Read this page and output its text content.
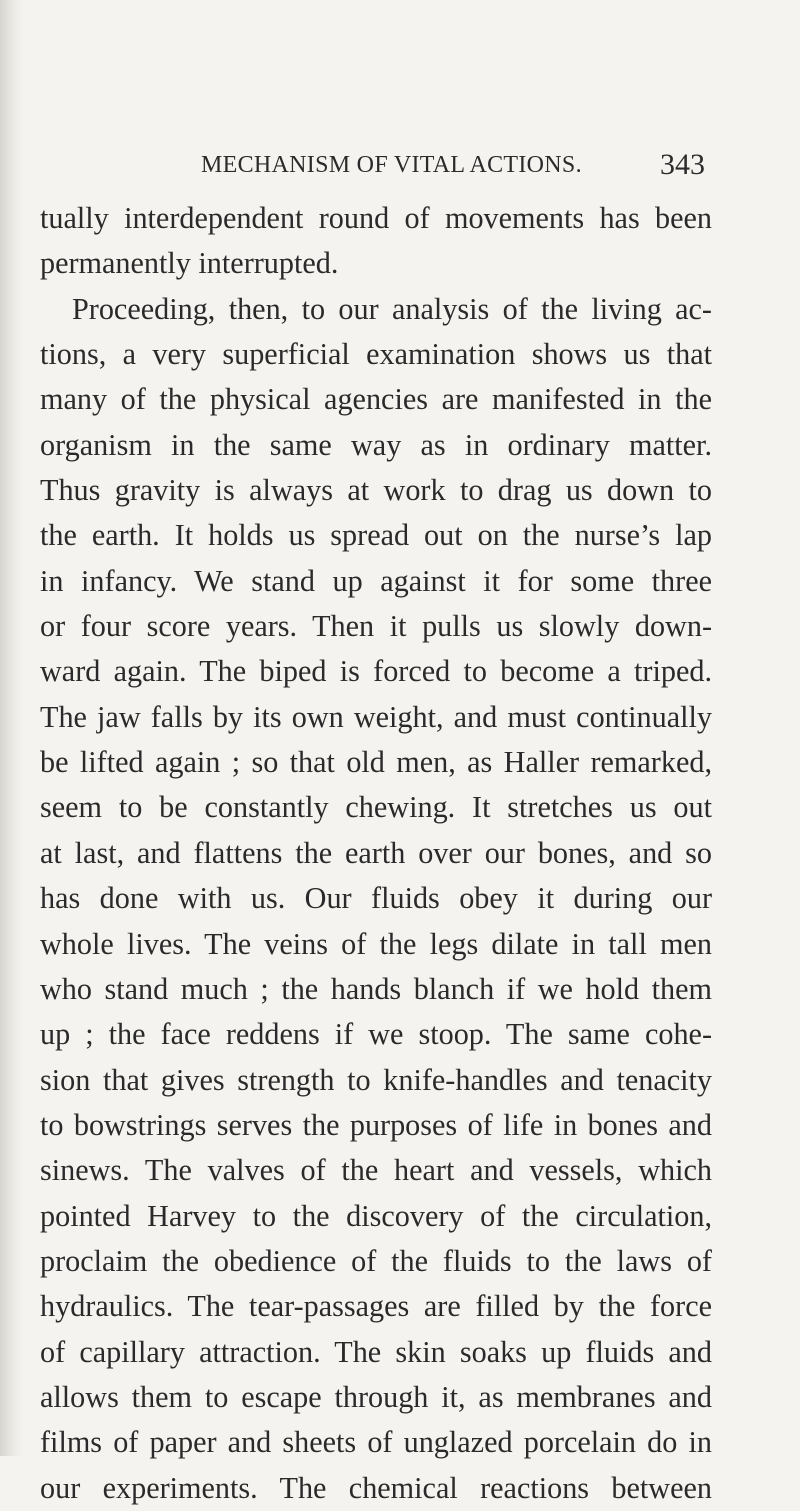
MECHANISM OF VITAL ACTIONS.	343
tually interdependent round of movements has been
permanently interrupted.
Proceeding, then, to our analysis of the living ac-
tions, a very superficial examination shows us that
many of the physical agencies are manifested in the
organism in the same way as in ordinary matter.
Thus gravity is always at work to drag us down to
the earth. It holds us spread out on the nurse’s lap
in infancy. We stand up against it for some three
or four score years. Then it pulls us slowly down-
ward again. The biped is forced to become a triped.
The jaw falls by its own weight, and must continually
be lifted again ; so that old men, as Haller remarked,
seem to be constantly chewing. It stretches us out
at last, and flattens the earth over our bones, and so
has done with us. Our fluids obey it during our
whole lives. The veins of the legs dilate in tall men
who stand much ; the hands blanch if we hold them
up ; the face reddens if we stoop. The same cohe-
sion that gives strength to knife-handles and tenacity
to bowstrings serves the purposes of life in bones and
sinews. The valves of the heart and vessels, which
pointed Harvey to the discovery of the circulation,
proclaim the obedience of the fluids to the laws of
hydraulics. The tear-passages are filled by the force
of capillary attraction. The skin soaks up fluids and
allows them to escape through it, as membranes and
films of paper and sheets of unglazed porcelain do in
our experiments. The chemical reactions between
